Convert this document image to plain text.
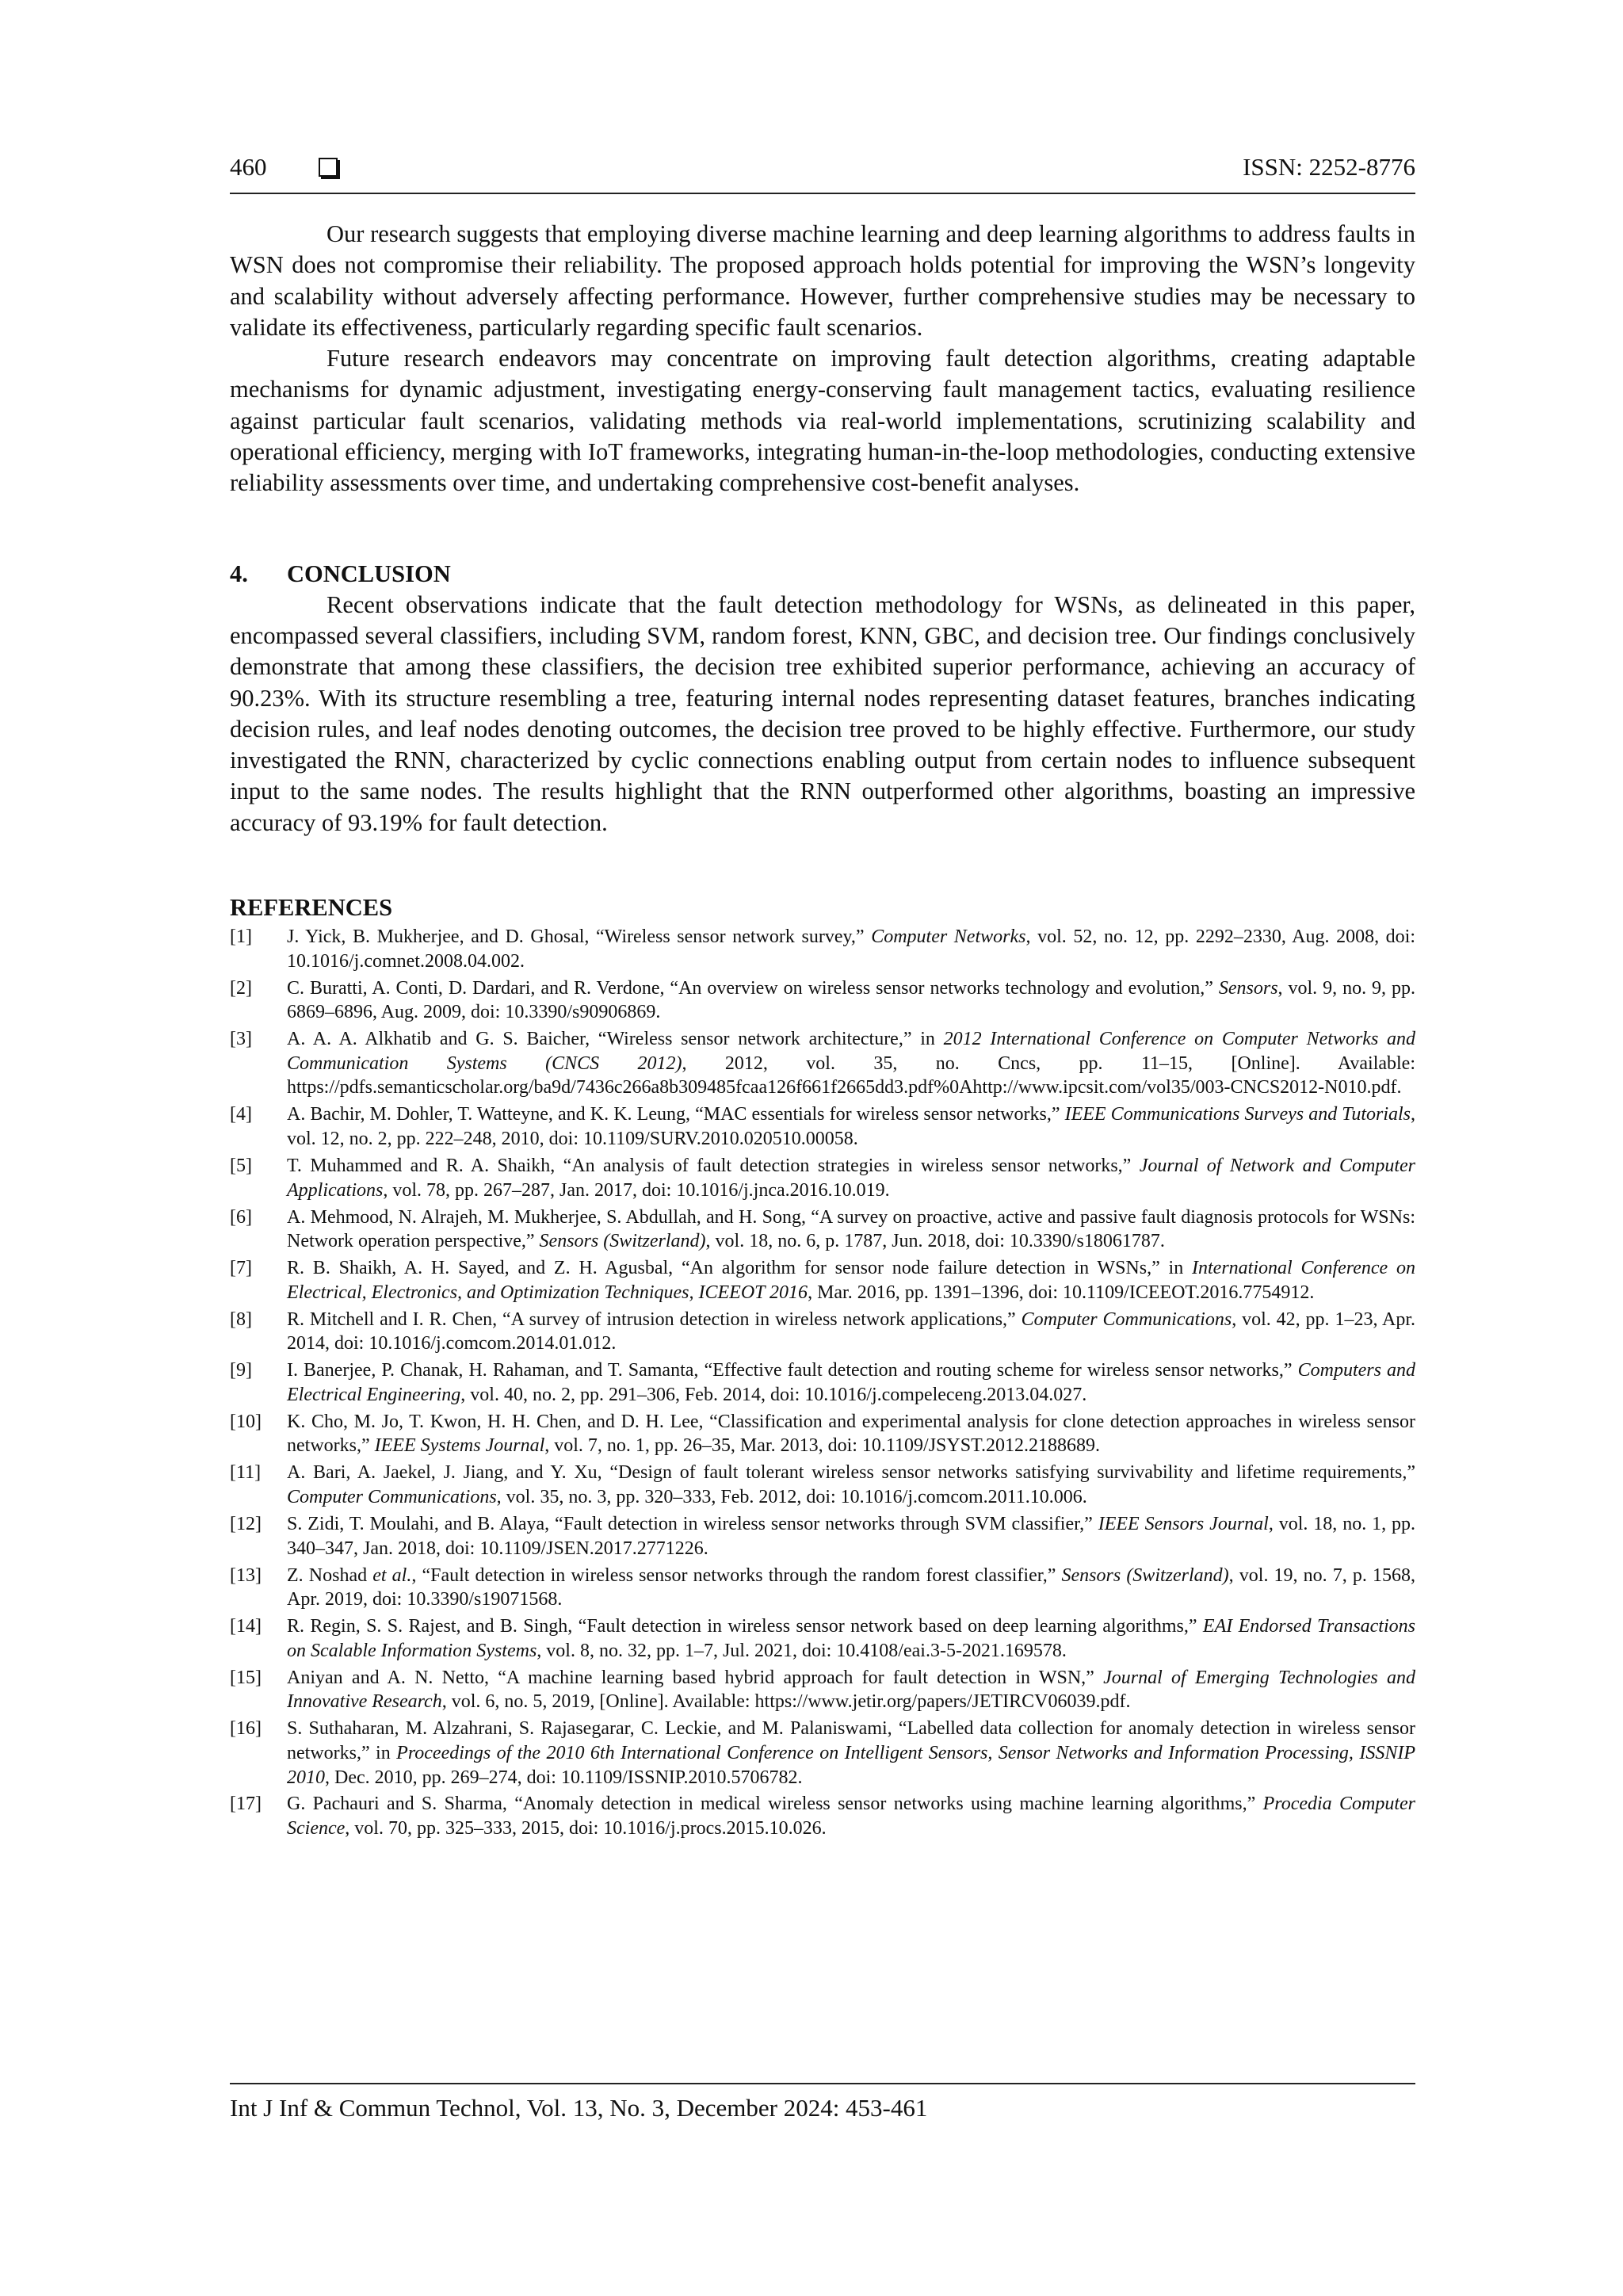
460	ISSN: 2252-8776

Our research suggests that employing diverse machine learning and deep learning algorithms to address faults in WSN does not compromise their reliability. The proposed approach holds potential for improving the WSN’s longevity and scalability without adversely affecting performance. However, further comprehensive studies may be necessary to validate its effectiveness, particularly regarding specific fault scenarios.

Future research endeavors may concentrate on improving fault detection algorithms, creating adaptable mechanisms for dynamic adjustment, investigating energy-conserving fault management tactics, evaluating resilience against particular fault scenarios, validating methods via real-world implementations, scrutinizing scalability and operational efficiency, merging with IoT frameworks, integrating human-in-the-loop methodologies, conducting extensive reliability assessments over time, and undertaking comprehensive cost-benefit analyses.

4. CONCLUSION

Recent observations indicate that the fault detection methodology for WSNs, as delineated in this paper, encompassed several classifiers, including SVM, random forest, KNN, GBC, and decision tree. Our findings conclusively demonstrate that among these classifiers, the decision tree exhibited superior performance, achieving an accuracy of 90.23%. With its structure resembling a tree, featuring internal nodes representing dataset features, branches indicating decision rules, and leaf nodes denoting outcomes, the decision tree proved to be highly effective. Furthermore, our study investigated the RNN, characterized by cyclic connections enabling output from certain nodes to influence subsequent input to the same nodes. The results highlight that the RNN outperformed other algorithms, boasting an impressive accuracy of 93.19% for fault detection.

REFERENCES
[1] J. Yick, B. Mukherjee, and D. Ghosal, “Wireless sensor network survey,” Computer Networks, vol. 52, no. 12, pp. 2292–2330, Aug. 2008, doi: 10.1016/j.comnet.2008.04.002.
[2] C. Buratti, A. Conti, D. Dardari, and R. Verdone, “An overview on wireless sensor networks technology and evolution,” Sensors, vol. 9, no. 9, pp. 6869–6896, Aug. 2009, doi: 10.3390/s90906869.
[3] A. A. A. Alkhatib and G. S. Baicher, “Wireless sensor network architecture,” in 2012 International Conference on Computer Networks and Communication Systems (CNCS 2012), 2012, vol. 35, no. Cncs, pp. 11–15, [Online]. Available: https://pdfs.semanticscholar.org/ba9d/7436c266a8b309485fcaa126f661f2665dd3.pdf%0Ahttp://www.ipcsit.com/vol35/003-CNCS2012-N010.pdf.
[4] A. Bachir, M. Dohler, T. Watteyne, and K. K. Leung, “MAC essentials for wireless sensor networks,” IEEE Communications Surveys and Tutorials, vol. 12, no. 2, pp. 222–248, 2010, doi: 10.1109/SURV.2010.020510.00058.
[5] T. Muhammed and R. A. Shaikh, “An analysis of fault detection strategies in wireless sensor networks,” Journal of Network and Computer Applications, vol. 78, pp. 267–287, Jan. 2017, doi: 10.1016/j.jnca.2016.10.019.
[6] A. Mehmood, N. Alrajeh, M. Mukherjee, S. Abdullah, and H. Song, “A survey on proactive, active and passive fault diagnosis protocols for WSNs: Network operation perspective,” Sensors (Switzerland), vol. 18, no. 6, p. 1787, Jun. 2018, doi: 10.3390/s18061787.
[7] R. B. Shaikh, A. H. Sayed, and Z. H. Agusbal, “An algorithm for sensor node failure detection in WSNs,” in International Conference on Electrical, Electronics, and Optimization Techniques, ICEEOT 2016, Mar. 2016, pp. 1391–1396, doi: 10.1109/ICEEOT.2016.7754912.
[8] R. Mitchell and I. R. Chen, “A survey of intrusion detection in wireless network applications,” Computer Communications, vol. 42, pp. 1–23, Apr. 2014, doi: 10.1016/j.comcom.2014.01.012.
[9] I. Banerjee, P. Chanak, H. Rahaman, and T. Samanta, “Effective fault detection and routing scheme for wireless sensor networks,” Computers and Electrical Engineering, vol. 40, no. 2, pp. 291–306, Feb. 2014, doi: 10.1016/j.compeleceng.2013.04.027.
[10] K. Cho, M. Jo, T. Kwon, H. H. Chen, and D. H. Lee, “Classification and experimental analysis for clone detection approaches in wireless sensor networks,” IEEE Systems Journal, vol. 7, no. 1, pp. 26–35, Mar. 2013, doi: 10.1109/JSYST.2012.2188689.
[11] A. Bari, A. Jaekel, J. Jiang, and Y. Xu, “Design of fault tolerant wireless sensor networks satisfying survivability and lifetime requirements,” Computer Communications, vol. 35, no. 3, pp. 320–333, Feb. 2012, doi: 10.1016/j.comcom.2011.10.006.
[12] S. Zidi, T. Moulahi, and B. Alaya, “Fault detection in wireless sensor networks through SVM classifier,” IEEE Sensors Journal, vol. 18, no. 1, pp. 340–347, Jan. 2018, doi: 10.1109/JSEN.2017.2771226.
[13] Z. Noshad et al., “Fault detection in wireless sensor networks through the random forest classifier,” Sensors (Switzerland), vol. 19, no. 7, p. 1568, Apr. 2019, doi: 10.3390/s19071568.
[14] R. Regin, S. S. Rajest, and B. Singh, “Fault detection in wireless sensor network based on deep learning algorithms,” EAI Endorsed Transactions on Scalable Information Systems, vol. 8, no. 32, pp. 1–7, Jul. 2021, doi: 10.4108/eai.3-5-2021.169578.
[15] Aniyan and A. N. Netto, “A machine learning based hybrid approach for fault detection in WSN,” Journal of Emerging Technologies and Innovative Research, vol. 6, no. 5, 2019, [Online]. Available: https://www.jetir.org/papers/JETIRCV06039.pdf.
[16] S. Suthaharan, M. Alzahrani, S. Rajasegarar, C. Leckie, and M. Palaniswami, “Labelled data collection for anomaly detection in wireless sensor networks,” in Proceedings of the 2010 6th International Conference on Intelligent Sensors, Sensor Networks and Information Processing, ISSNIP 2010, Dec. 2010, pp. 269–274, doi: 10.1109/ISSNIP.2010.5706782.
[17] G. Pachauri and S. Sharma, “Anomaly detection in medical wireless sensor networks using machine learning algorithms,” Procedia Computer Science, vol. 70, pp. 325–333, 2015, doi: 10.1016/j.procs.2015.10.026.
Int J Inf & Commun Technol, Vol. 13, No. 3, December 2024: 453-461
